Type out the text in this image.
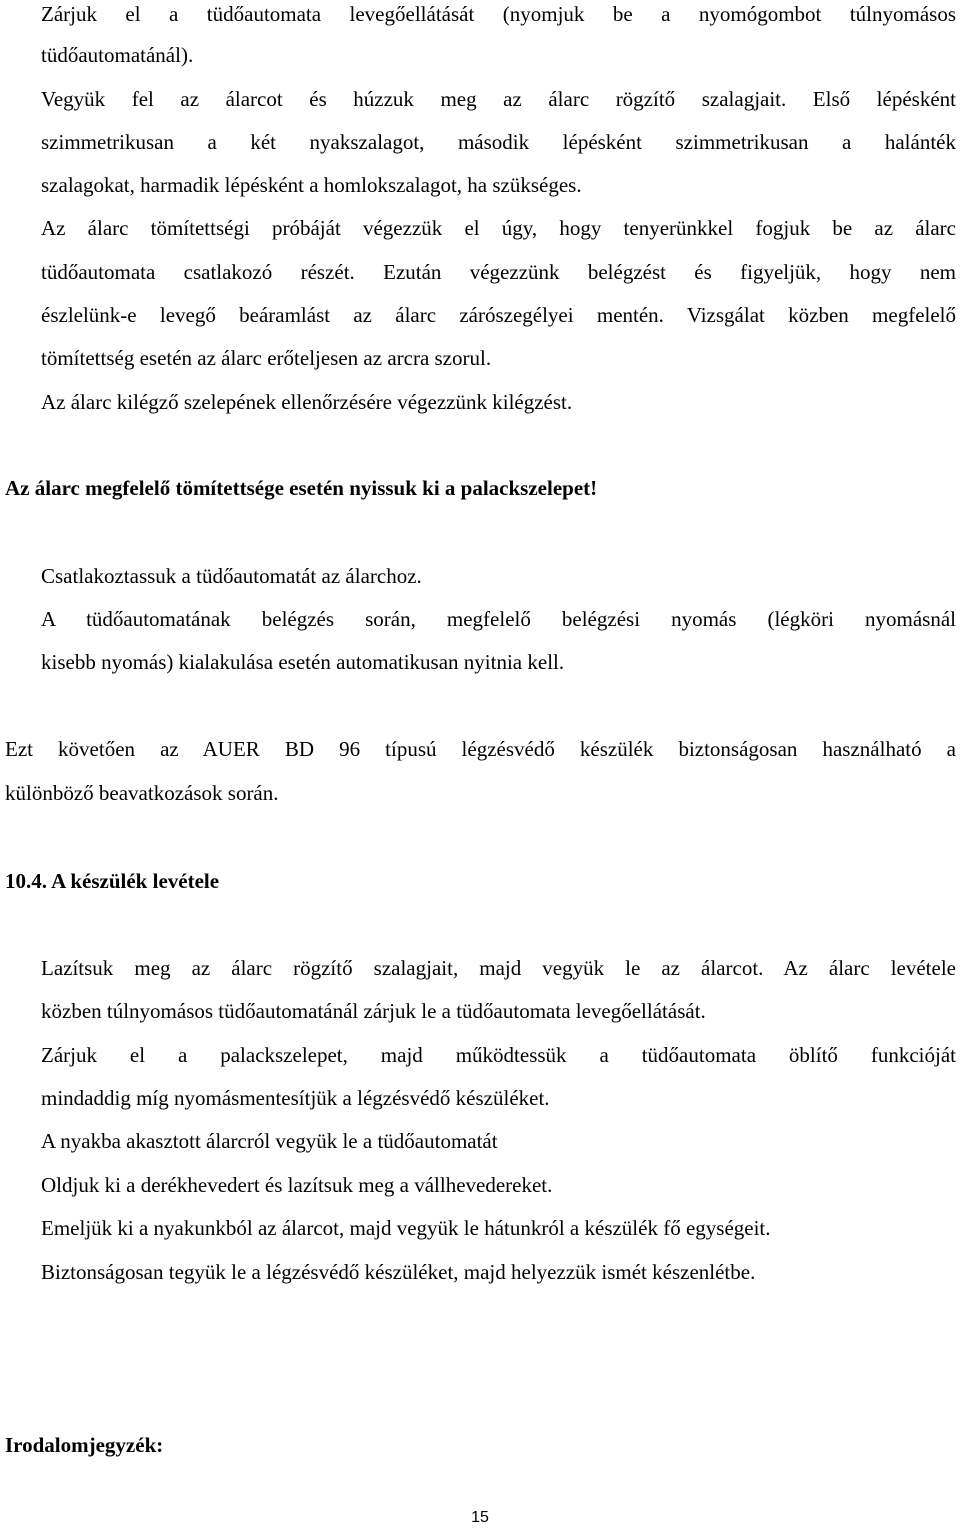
Zárjuk el a tüdőautomata levegőellátását (nyomjuk be a nyomógombot túlnyomásos
tüdőautomatánál).
Vegyük fel az álarcot és húzzuk meg az álarc rögzítő szalagjait. Első lépésként
szimmetrikusan a két nyakszalagot, második lépésként szimmetrikusan a halánték
szalagokat, harmadik lépésként a homlokszalagot, ha szükséges.
Az álarc tömítettségi próbáját végezzük el úgy, hogy tenyerünkkel fogjuk be az álarc
tüdőautomata csatlakozó részét. Ezután végezzünk belégzést és figyeljük, hogy nem
észlelünk-e levegő beáramlást az álarc zárószegélyei mentén. Vizsgálat közben megfelelő
tömítettség esetén az álarc erőteljesen az arcra szorul.
Az álarc kilégző szelepének ellenőrzésére végezzünk kilégzést.
Az álarc megfelelő tömítettsége esetén nyissuk ki a palackszelepet!
Csatlakoztassuk a tüdőautomatát az álarchoz.
A tüdőautomatának belégzés során, megfelelő belégzési nyomás (légköri nyomásnál
kisebb nyomás) kialakulása esetén automatikusan nyitnia kell.
Ezt követően az AUER BD 96 típusú légzésvédő készülék biztonságosan használható a
különböző beavatkozások során.
10.4. A készülék levétele
Lazítsuk meg az álarc rögzítő szalagjait, majd vegyük le az álarcot. Az álarc levétele
közben túlnyomásos tüdőautomatánál zárjuk le a tüdőautomata levegőellátását.
Zárjuk el a palackszelepet, majd működtessük a tüdőautomata öblítő funkcióját
mindaddig míg nyomásmentesítjük a légzésvédő készüléket.
A nyakba akasztott álarcról vegyük le a tüdőautomatát
Oldjuk ki a derékhevedert és lazítsuk meg a vállhevedereket.
Emeljük ki a nyakunkból az álarcot, majd vegyük le hátunkról a készülék fő egységeit.
Biztonságosan tegyük le a légzésvédő készüléket, majd helyezzük ismét készenlétbe.
Irodalomjegyzék:
15
